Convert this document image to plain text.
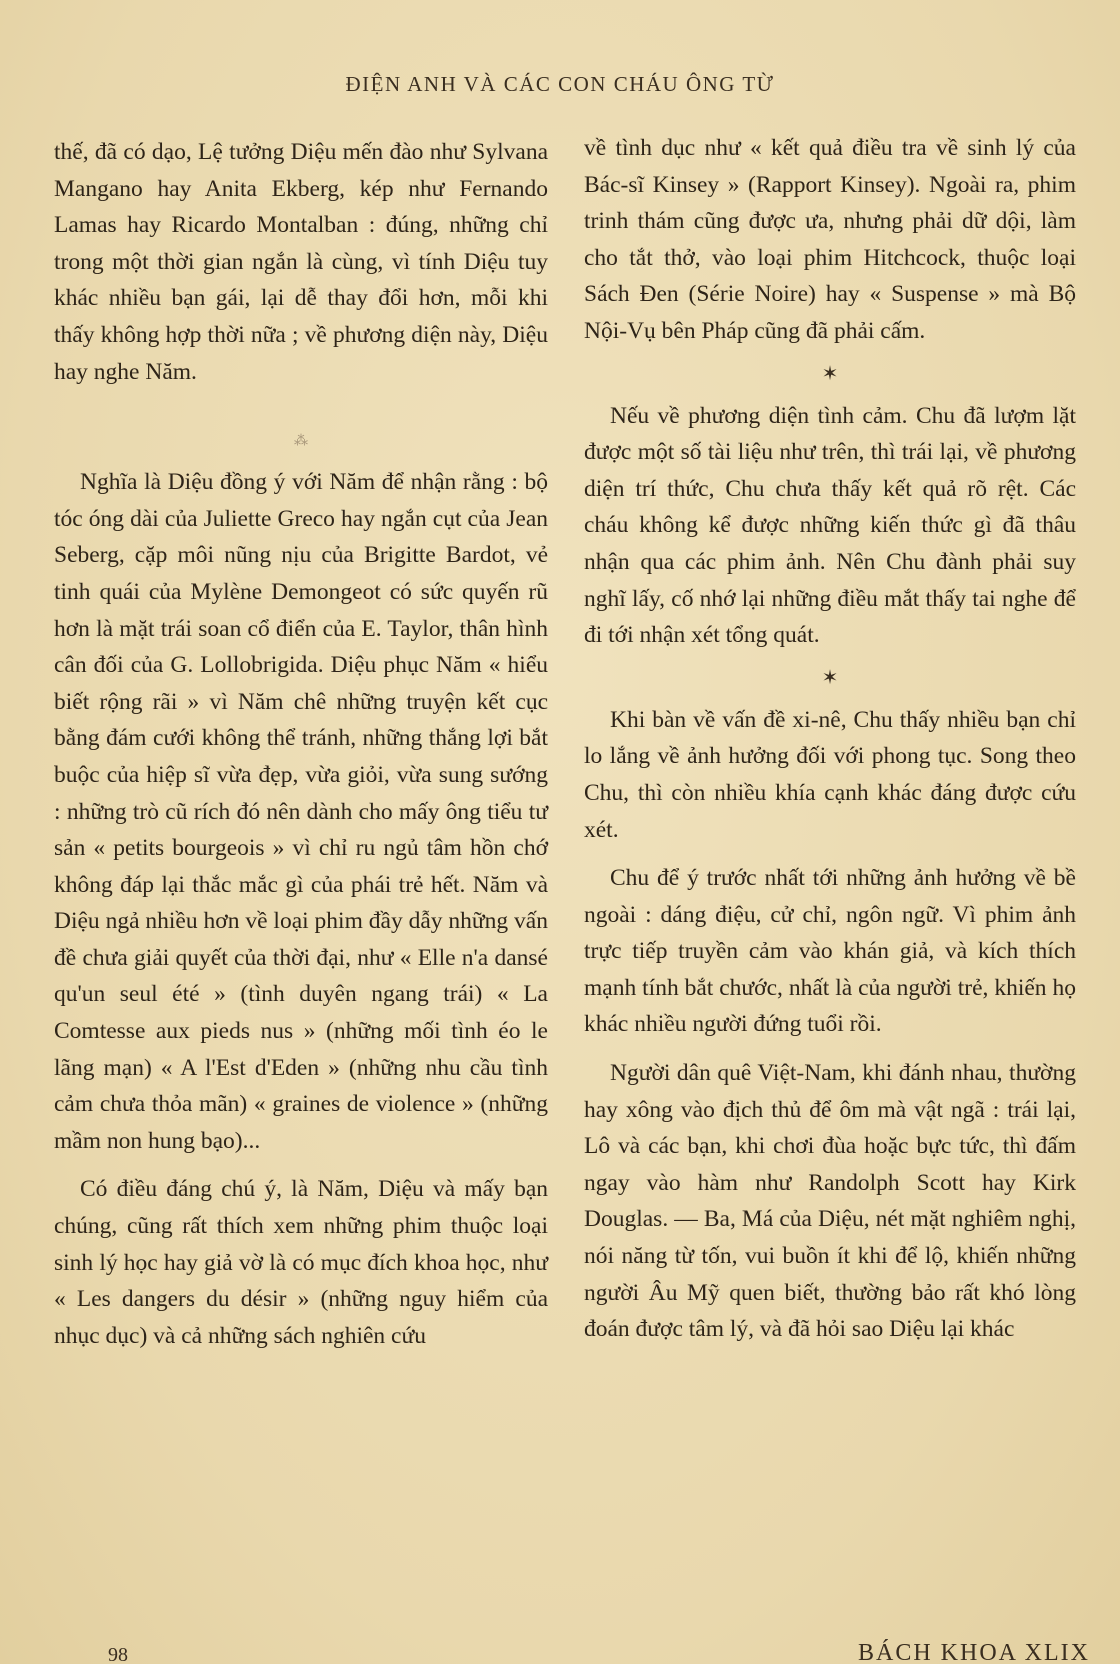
ĐIỆN ANH VÀ CÁC CON CHÁU ÔNG TỪ

thế, đã có dạo, Lệ tưởng Diệu mến đào như Sylvana Mangano hay Anita Ekberg, kép như Fernando Lamas hay Ricardo Montalban : đúng, những chỉ trong một thời gian ngắn là cùng, vì tính Diệu tuy khác nhiều bạn gái, lại dễ thay đổi hơn, mỗi khi thấy không hợp thời nữa ; về phương diện này, Diệu hay nghe Năm.

⁂

Nghĩa là Diệu đồng ý với Năm để nhận rằng : bộ tóc óng dài của Juliette Greco hay ngắn cụt của Jean Seberg, cặp môi nũng nịu của Brigitte Bardot, vẻ tinh quái của Mylène Demongeot có sức quyến rũ hơn là mặt trái soan cổ điển của E. Taylor, thân hình cân đối của G. Lollobrigida. Diệu phục Năm « hiểu biết rộng rãi » vì Năm chê những truyện kết cục bằng đám cưới không thể tránh, những thắng lợi bắt buộc của hiệp sĩ vừa đẹp, vừa giỏi, vừa sung sướng : những trò cũ rích đó nên dành cho mấy ông tiểu tư sản « petits bourgeois » vì chỉ ru ngủ tâm hồn chớ không đáp lại thắc mắc gì của phái trẻ hết. Năm và Diệu ngả nhiều hơn về loại phim đầy dẫy những vấn đề chưa giải quyết của thời đại, như « Elle n'a dansé qu'un seul été » (tình duyên ngang trái) « La Comtesse aux pieds nus » (những mối tình éo le lãng mạn) « A l'Est d'Eden » (những nhu cầu tình cảm chưa thỏa mãn) « graines de violence » (những mầm non hung bạo)...

Có điều đáng chú ý, là Năm, Diệu và mấy bạn chúng, cũng rất thích xem những phim thuộc loại sinh lý học hay giả vờ là có mục đích khoa học, như « Les dangers du désir » (những nguy hiểm của nhục dục) và cả những sách nghiên cứu

về tình dục như « kết quả điều tra về sinh lý của Bác-sĩ Kinsey » (Rapport Kinsey). Ngoài ra, phim trinh thám cũng được ưa, nhưng phải dữ dội, làm cho tắt thở, vào loại phim Hitchcock, thuộc loại Sách Đen (Série Noire) hay « Suspense » mà Bộ Nội-Vụ bên Pháp cũng đã phải cấm.

✶

Nếu về phương diện tình cảm. Chu đã lượm lặt được một số tài liệu như trên, thì trái lại, về phương diện trí thức, Chu chưa thấy kết quả rõ rệt. Các cháu không kể được những kiến thức gì đã thâu nhận qua các phim ảnh. Nên Chu đành phải suy nghĩ lấy, cố nhớ lại những điều mắt thấy tai nghe để đi tới nhận xét tổng quát.

✶

Khi bàn về vấn đề xi-nê, Chu thấy nhiều bạn chỉ lo lắng về ảnh hưởng đối với phong tục. Song theo Chu, thì còn nhiều khía cạnh khác đáng được cứu xét.

Chu để ý trước nhất tới những ảnh hưởng về bề ngoài : dáng điệu, cử chỉ, ngôn ngữ. Vì phim ảnh trực tiếp truyền cảm vào khán giả, và kích thích mạnh tính bắt chước, nhất là của người trẻ, khiến họ khác nhiều người đứng tuổi rồi.

Người dân quê Việt-Nam, khi đánh nhau, thường hay xông vào địch thủ để ôm mà vật ngã : trái lại, Lô và các bạn, khi chơi đùa hoặc bực tức, thì đấm ngay vào hàm như Randolph Scott hay Kirk Douglas. — Ba, Má của Diệu, nét mặt nghiêm nghị, nói năng từ tốn, vui buồn ít khi để lộ, khiến những người Âu Mỹ quen biết, thường bảo rất khó lòng đoán được tâm lý, và đã hỏi sao Diệu lại khác

98	BÁCH KHOA XLIX
